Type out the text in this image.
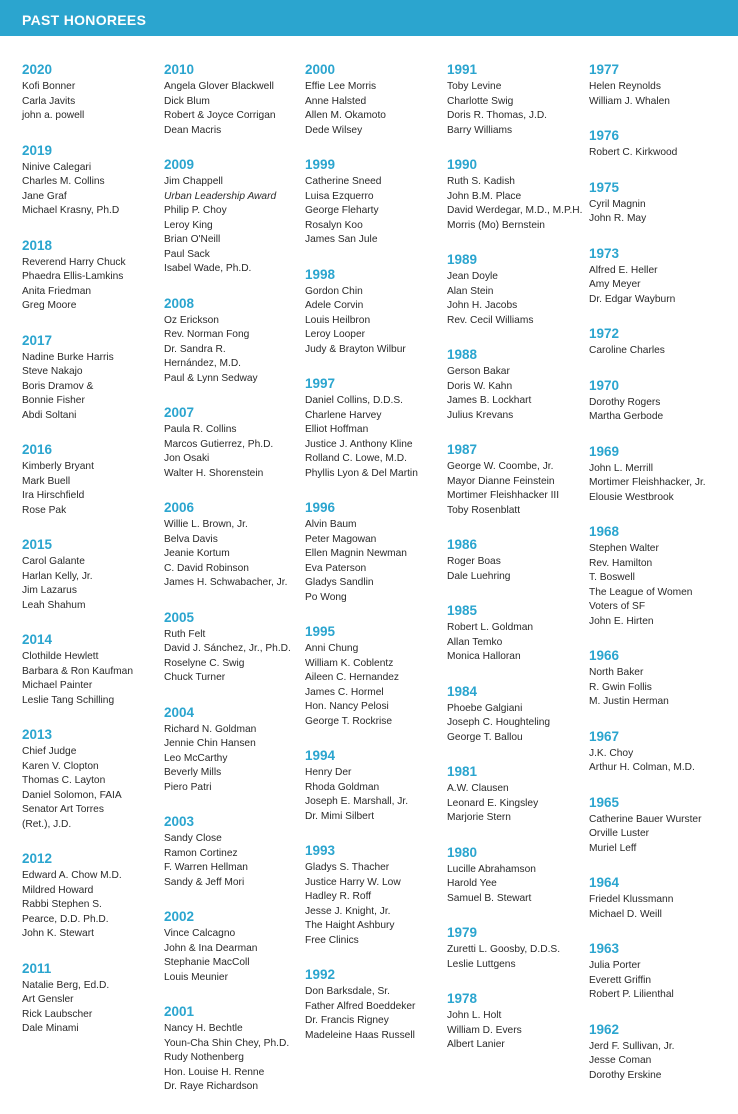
PAST HONOREES
2020
Kofi Bonner
Carla Javits
john a. powell
2019
Ninive Calegari
Charles M. Collins
Jane Graf
Michael Krasny, Ph.D
2018
Reverend Harry Chuck
Phaedra Ellis-Lamkins
Anita Friedman
Greg Moore
2017
Nadine Burke Harris
Steve Nakajo
Boris Dramov &
Bonnie Fisher
Abdi Soltani
2016
Kimberly Bryant
Mark Buell
Ira Hirschfield
Rose Pak
2015
Carol Galante
Harlan Kelly, Jr.
Jim Lazarus
Leah Shahum
2014
Clothilde Hewlett
Barbara & Ron Kaufman
Michael Painter
Leslie Tang Schilling
2013
Chief Judge
Karen V. Clopton
Thomas C. Layton
Daniel Solomon, FAIA
Senator Art Torres
(Ret.), J.D.
2012
Edward A. Chow M.D.
Mildred Howard
Rabbi Stephen S.
Pearce, D.D. Ph.D.
John K. Stewart
2011
Natalie Berg, Ed.D.
Art Gensler
Rick Laubscher
Dale Minami
2010
Angela Glover Blackwell
Dick Blum
Robert & Joyce Corrigan
Dean Macris
2009
Jim Chappell
Urban Leadership Award
Philip P. Choy
Leroy King
Brian O'Neill
Paul Sack
Isabel Wade, Ph.D.
2008
Oz Erickson
Rev. Norman Fong
Dr. Sandra R.
Hernández, M.D.
Paul & Lynn Sedway
2007
Paula R. Collins
Marcos Gutierrez, Ph.D.
Jon Osaki
Walter H. Shorenstein
2006
Willie L. Brown, Jr.
Belva Davis
Jeanie Kortum
C. David Robinson
James H. Schwabacher, Jr.
2005
Ruth Felt
David J. Sánchez, Jr., Ph.D.
Roselyne C. Swig
Chuck Turner
2004
Richard N. Goldman
Jennie Chin Hansen
Leo McCarthy
Beverly Mills
Piero Patri
2003
Sandy Close
Ramon Cortinez
F. Warren Hellman
Sandy & Jeff Mori
2002
Vince Calcagno
John & Ina Dearman
Stephanie MacColl
Louis Meunier
2001
Nancy H. Bechtle
Youn-Cha Shin Chey, Ph.D.
Rudy Nothenberg
Hon. Louise H. Renne
Dr. Raye Richardson
2000
Effie Lee Morris
Anne Halsted
Allen M. Okamoto
Dede Wilsey
1999
Catherine Sneed
Luisa Ezquerro
George Fleharty
Rosalyn Koo
James San Jule
1998
Gordon Chin
Adele Corvin
Louis Heilbron
Leroy Looper
Judy & Brayton Wilbur
1997
Daniel Collins, D.D.S.
Charlene Harvey
Elliot Hoffman
Justice J. Anthony Kline
Rolland C. Lowe, M.D.
Phyllis Lyon & Del Martin
1996
Alvin Baum
Peter Magowan
Ellen Magnin Newman
Eva Paterson
Gladys Sandlin
Po Wong
1995
Anni Chung
William K. Coblentz
Aileen C. Hernandez
James C. Hormel
Hon. Nancy Pelosi
George T. Rockrise
1994
Henry Der
Rhoda Goldman
Joseph E. Marshall, Jr.
Dr. Mimi Silbert
1993
Gladys S. Thacher
Justice Harry W. Low
Hadley R. Roff
Jesse J. Knight, Jr.
The Haight Ashbury
Free Clinics
1992
Don Barksdale, Sr.
Father Alfred Boeddeker
Dr. Francis Rigney
Madeleine Haas Russell
1991
Toby Levine
Charlotte Swig
Doris R. Thomas, J.D.
Barry Williams
1990
Ruth S. Kadish
John B.M. Place
David Werdegar, M.D., M.P.H.
Morris (Mo) Bernstein
1989
Jean Doyle
Alan Stein
John H. Jacobs
Rev. Cecil Williams
1988
Gerson Bakar
Doris W. Kahn
James B. Lockhart
Julius Krevans
1987
George W. Coombe, Jr.
Mayor Dianne Feinstein
Mortimer Fleishhacker III
Toby Rosenblatt
1986
Roger Boas
Dale Luehring
1985
Robert L. Goldman
Allan Temko
Monica Halloran
1984
Phoebe Galgiani
Joseph C. Houghteling
George T. Ballou
1981
A.W. Clausen
Leonard E. Kingsley
Marjorie Stern
1980
Lucille Abrahamson
Harold Yee
Samuel B. Stewart
1979
Zuretti L. Goosby, D.D.S.
Leslie Luttgens
1978
John L. Holt
William D. Evers
Albert Lanier
1977
Helen Reynolds
William J. Whalen
1976
Robert C. Kirkwood
1975
Cyril Magnin
John R. May
1973
Alfred E. Heller
Amy Meyer
Dr. Edgar Wayburn
1972
Caroline Charles
1970
Dorothy Rogers
Martha Gerbode
1969
John L. Merrill
Mortimer Fleishhacker, Jr.
Elousie Westbrook
1968
Stephen Walter
Rev. Hamilton
T. Boswell
The League of Women
Voters of SF
John E. Hirten
1966
North Baker
R. Gwin Follis
M. Justin Herman
1967
J.K. Choy
Arthur H. Colman, M.D.
1965
Catherine Bauer Wurster
Orville Luster
Muriel Leff
1964
Friedel Klussmann
Michael D. Weill
1963
Julia Porter
Everett Griffin
Robert P. Lilienthal
1962
Jerd F. Sullivan, Jr.
Jesse Coman
Dorothy Erskine
